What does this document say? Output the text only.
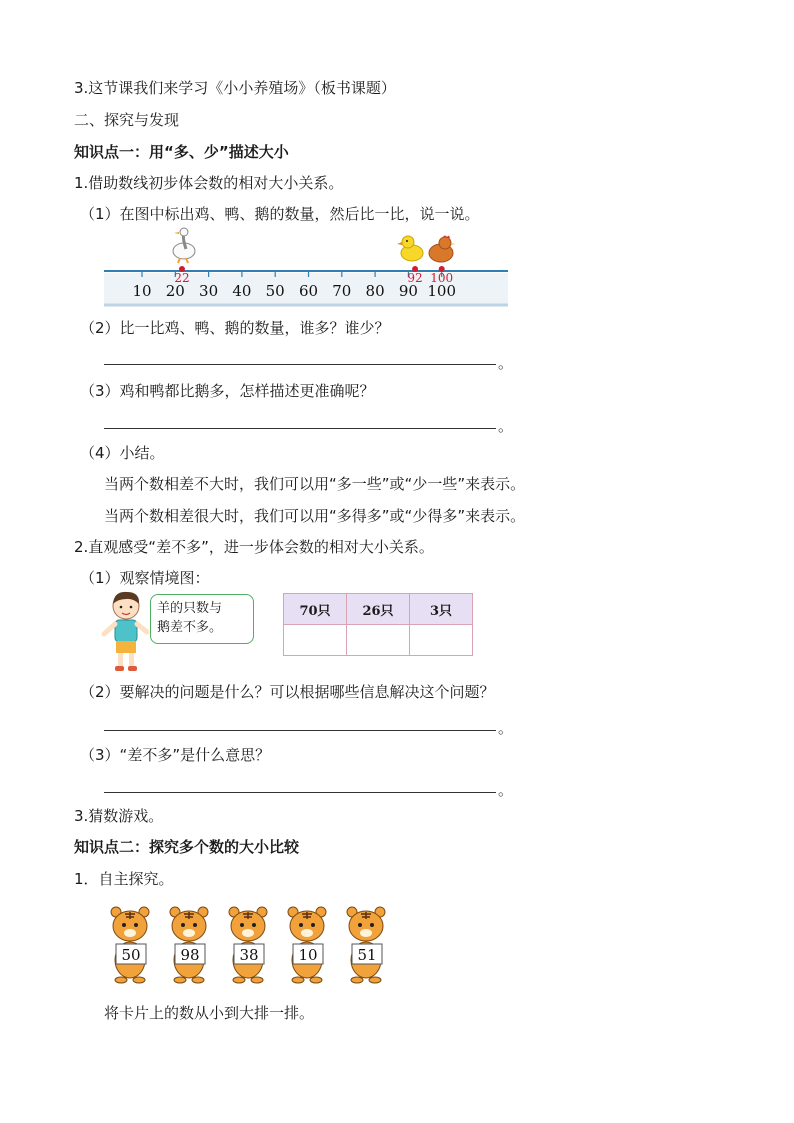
3.这节课我们来学习《小小养殖场》（板书课题）
二、探究与发现
知识点一：用“多、少”描述大小
1.借助数线初步体会数的相对大小关系。
（1）在图中标出鸡、鸭、鹅的数量，然后比一比，说一说。
10 20 30 40 50 60 70 80 90 100
22	92 100
（2）比一比鸡、鸭、鹅的数量，谁多？谁少？
。
（3）鸡和鸭都比鹅多，怎样描述更准确呢？
。
（4）小结。
当两个数相差不大时，我们可以用“多一些”或“少一些”来表示。
当两个数相差很大时，我们可以用“多得多”或“少得多”来表示。
2.直观感受“差不多”，进一步体会数的相对大小关系。
（1）观察情境图：
羊的只数与
鹅差不多。
70只	26只	3只

（2）要解决的问题是什么？可以根据哪些信息解决这个问题？
。
（3）“差不多”是什么意思？
。
3.猜数游戏。
知识点二：探究多个数的大小比较
1．自主探究。
50	98	38	10	51
将卡片上的数从小到大排一排。
